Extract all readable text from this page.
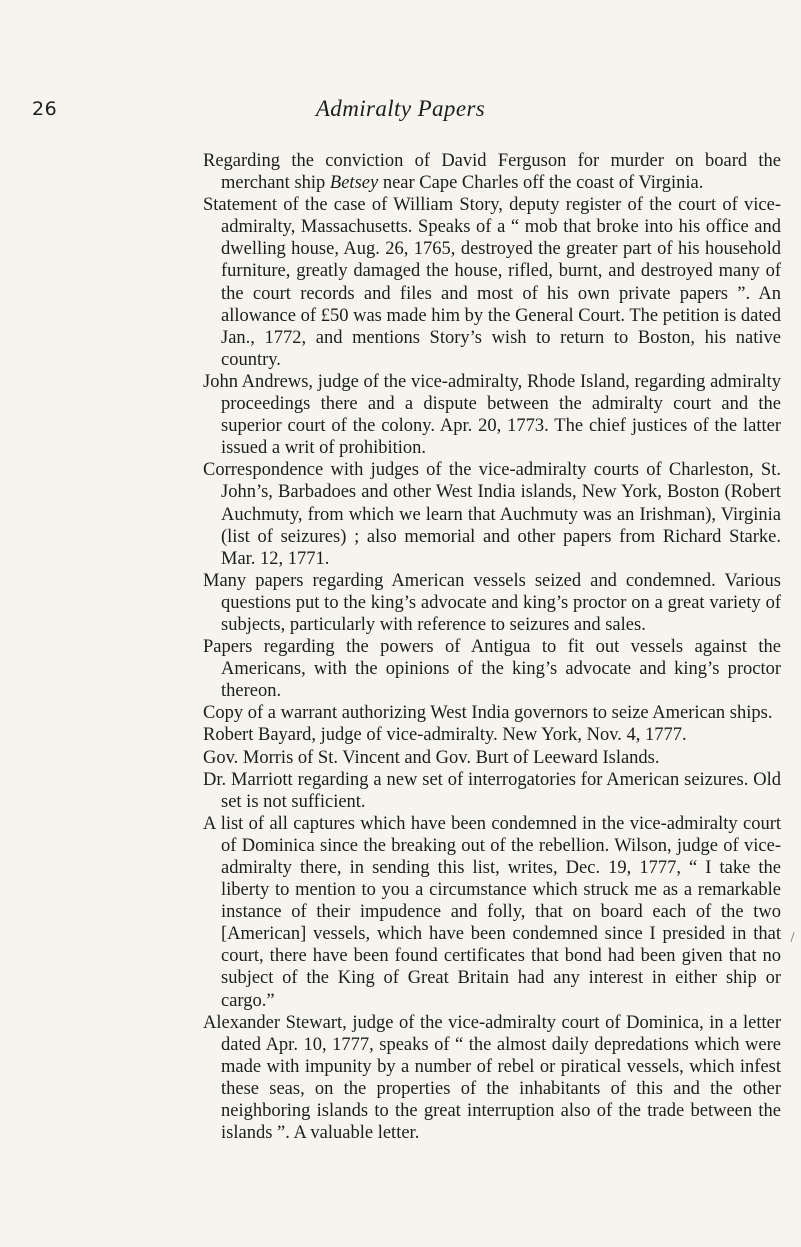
26	Admiralty Papers

Regarding the conviction of David Ferguson for murder on board the merchant ship Betsey near Cape Charles off the coast of Virginia.

Statement of the case of William Story, deputy register of the court of vice-admiralty, Massachusetts. Speaks of a “ mob that broke into his office and dwelling house, Aug. 26, 1765, destroyed the greater part of his household furniture, greatly damaged the house, rifled, burnt, and destroyed many of the court records and files and most of his own private papers ”. An allowance of £50 was made him by the General Court. The petition is dated Jan., 1772, and mentions Story’s wish to return to Boston, his native country.

John Andrews, judge of the vice-admiralty, Rhode Island, regarding admiralty proceedings there and a dispute between the admiralty court and the superior court of the colony. Apr. 20, 1773. The chief justices of the latter issued a writ of prohibition.

Correspondence with judges of the vice-admiralty courts of Charleston, St. John’s, Barbadoes and other West India islands, New York, Boston (Robert Auchmuty, from which we learn that Auchmuty was an Irishman), Virginia (list of seizures) ; also memorial and other papers from Richard Starke. Mar. 12, 1771.

Many papers regarding American vessels seized and condemned. Various questions put to the king’s advocate and king’s proctor on a great variety of subjects, particularly with reference to seizures and sales.

Papers regarding the powers of Antigua to fit out vessels against the Americans, with the opinions of the king’s advocate and king’s proctor thereon.

Copy of a warrant authorizing West India governors to seize American ships.

Robert Bayard, judge of vice-admiralty. New York, Nov. 4, 1777.

Gov. Morris of St. Vincent and Gov. Burt of Leeward Islands.

Dr. Marriott regarding a new set of interrogatories for American seizures. Old set is not sufficient.

A list of all captures which have been condemned in the vice-admiralty court of Dominica since the breaking out of the rebellion. Wilson, judge of vice-admiralty there, in sending this list, writes, Dec. 19, 1777, “ I take the liberty to mention to you a circumstance which struck me as a remarkable instance of their impudence and folly, that on board each of the two [American] vessels, which have been condemned since I presided in that court, there have been found certificates that bond had been given that no subject of the King of Great Britain had any interest in either ship or cargo.”

Alexander Stewart, judge of the vice-admiralty court of Dominica, in a letter dated Apr. 10, 1777, speaks of “ the almost daily depredations which were made with impunity by a number of rebel or piratical vessels, which infest these seas, on the properties of the inhabitants of this and the other neighboring islands to the great interruption also of the trade between the islands ”. A valuable letter.
